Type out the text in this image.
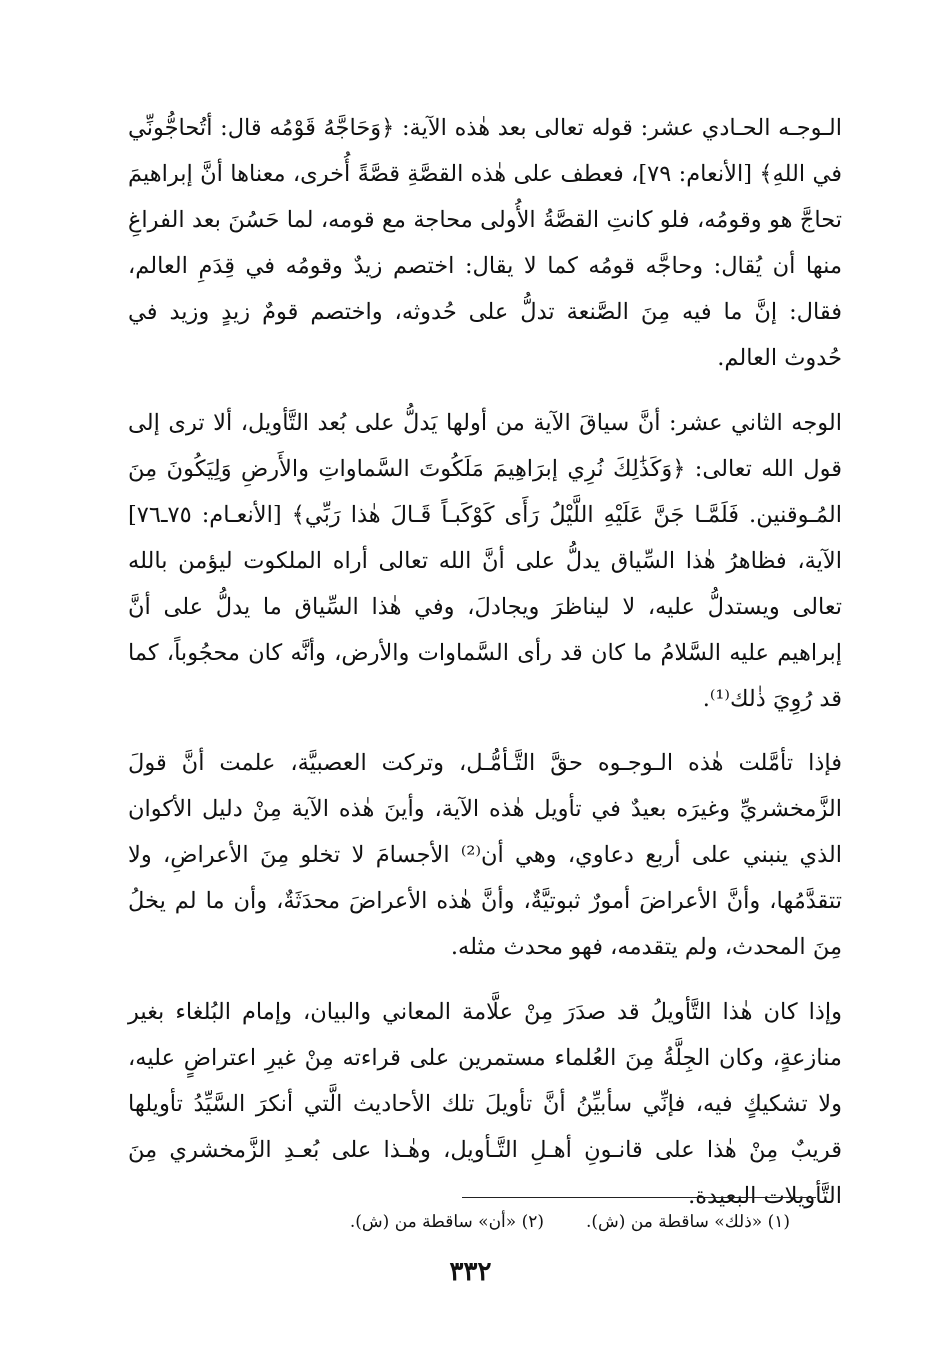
الـوجـه الحـادي عشر: قوله تعالى بعد هٰذه الآية: ﴿وَحَاجَّهُ قَوْمُه قال: أتُحاجُّونِّي في اللهِ﴾ [الأنعام: ٧٩]، فعطف على هٰذه القصَّةِ قصَّةً أُخرى، معناها أنَّ إبراهيمَ تحاجَّ هو وقومُه، فلو كانتِ القصَّةُ الأُولى محاجة مع قومه، لما حَسُنَ بعد الفراغِ منها أن يُقال: وحاجَّه قومُه كما لا يقال: اختصم زيدٌ وقومُه في قِدَمِ العالم، فقال: إنَّ ما فيه مِنَ الصَّنعة تدلُّ على حُدوثه، واختصم قومٌ زيدٍ وزيد في حُدوث العالم.

الوجه الثاني عشر: أنَّ سياقَ الآية من أولها يَدلُّ على بُعد التَّأويل، ألا ترى إلى قول الله تعالى: ﴿وَكَذَٰلِكَ نُرِي إبرَاهِيمَ مَلَكُوتَ السَّماواتِ والأَرضِ وَلِيَكُونَ مِنَ المُـوقنين. فَلَمَّـا جَنَّ عَلَيْهِ اللَّيْلُ رَأَى كَوْكَبـاً قَـالَ هٰذا رَبِّي﴾ [الأنعـام: ٧٥ـ٧٦] الآية، فظاهرُ هٰذا السِّياق يدلُّ على أنَّ الله تعالى أراه الملكوت ليؤمن بالله تعالى ويستدلُّ عليه، لا ليناظرَ ويجادلَ، وفي هٰذا السِّياق ما يدلُّ على أنَّ إبراهيم عليه السَّلامُ ما كان قد رأى السَّماوات والأرض، وأنَّه كان محجُوباً، كما قد رُوِيَ ذٰلك⁽¹⁾.

فإذا تأمَّلت هٰذه الـوجـوه حقَّ التَّـأمُّـل، وتركت العصبيَّة، علمت أنَّ قولَ الزَّمخشريِّ وغيرَه بعيدٌ في تأويل هٰذه الآية، وأينَ هٰذه الآية مِنْ دليل الأكوان الذي ينبني على أربع دعاوي، وهي أن⁽²⁾ الأجسامَ لا تخلو مِنَ الأعراضِ، ولا تتقدَّمُها، وأنَّ الأعراضَ أمورٌ ثبوتيَّةٌ، وأنَّ هٰذه الأعراضَ محدَثَةٌ، وأن ما لم يخلُ مِنَ المحدث، ولم يتقدمه، فهو محدث مثله.

وإذا كان هٰذا التَّأويلُ قد صدَرَ مِنْ علَّامة المعاني والبيان، وإمام البُلغاء بغير منازعةٍ، وكان الجِلَّةُ مِنَ العُلماء مستمرين على قراءته مِنْ غيرِ اعتراضٍ عليه، ولا تشكيكٍ فيه، فإنِّي سأبيِّنُ أنَّ تأويلَ تلك الأحاديث الَّتي أنكرَ السَّيِّدُ تأويلها قريبٌ مِنْ هٰذا على قانـونِ أهـلِ التَّـأويل، وهٰـذا على بُعـدِ الزَّمخشري مِنَ التَّأويلات البعيدة.

(١) «ذلك» ساقطة من (ش).
(٢) «أن» ساقطة من (ش).
٣٣٢
